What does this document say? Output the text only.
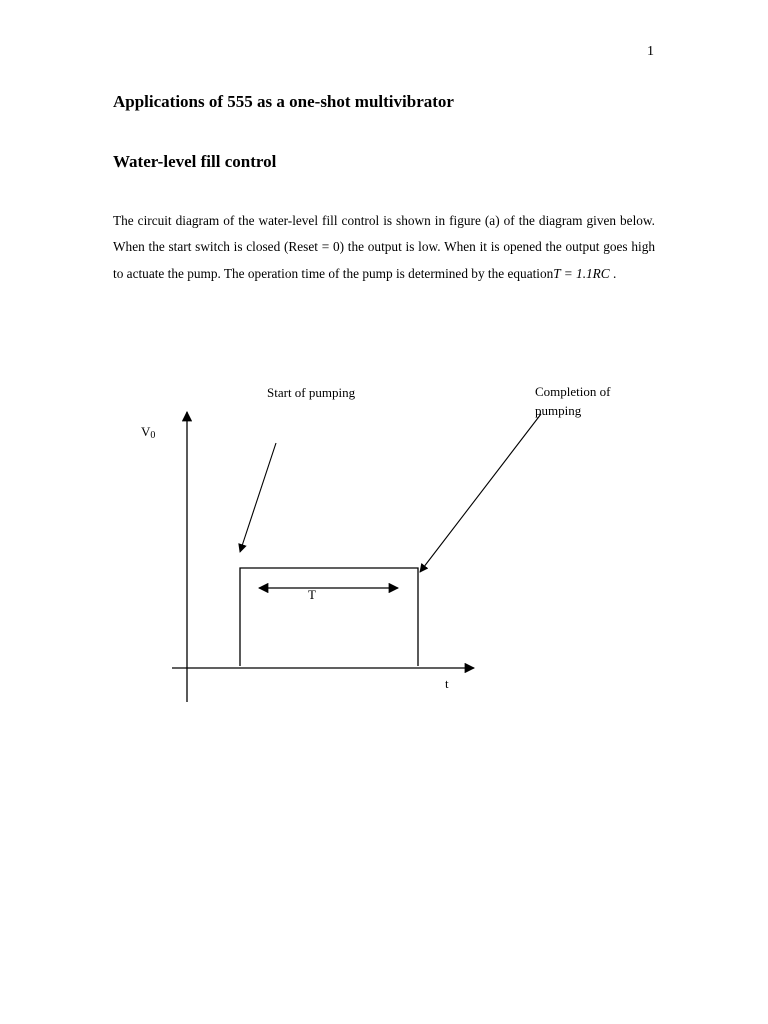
1
Applications of 555 as a one-shot multivibrator
Water-level fill control

The circuit diagram of the water-level fill control is shown in figure (a) of the diagram given below. When the start switch is closed (Reset = 0) the output is low. When it is opened the output goes high to actuate the pump. The operation time of the pump is determined by the equationT = 1.1RC .

Start of pumping	Completion of
pumping
V0
T
t
